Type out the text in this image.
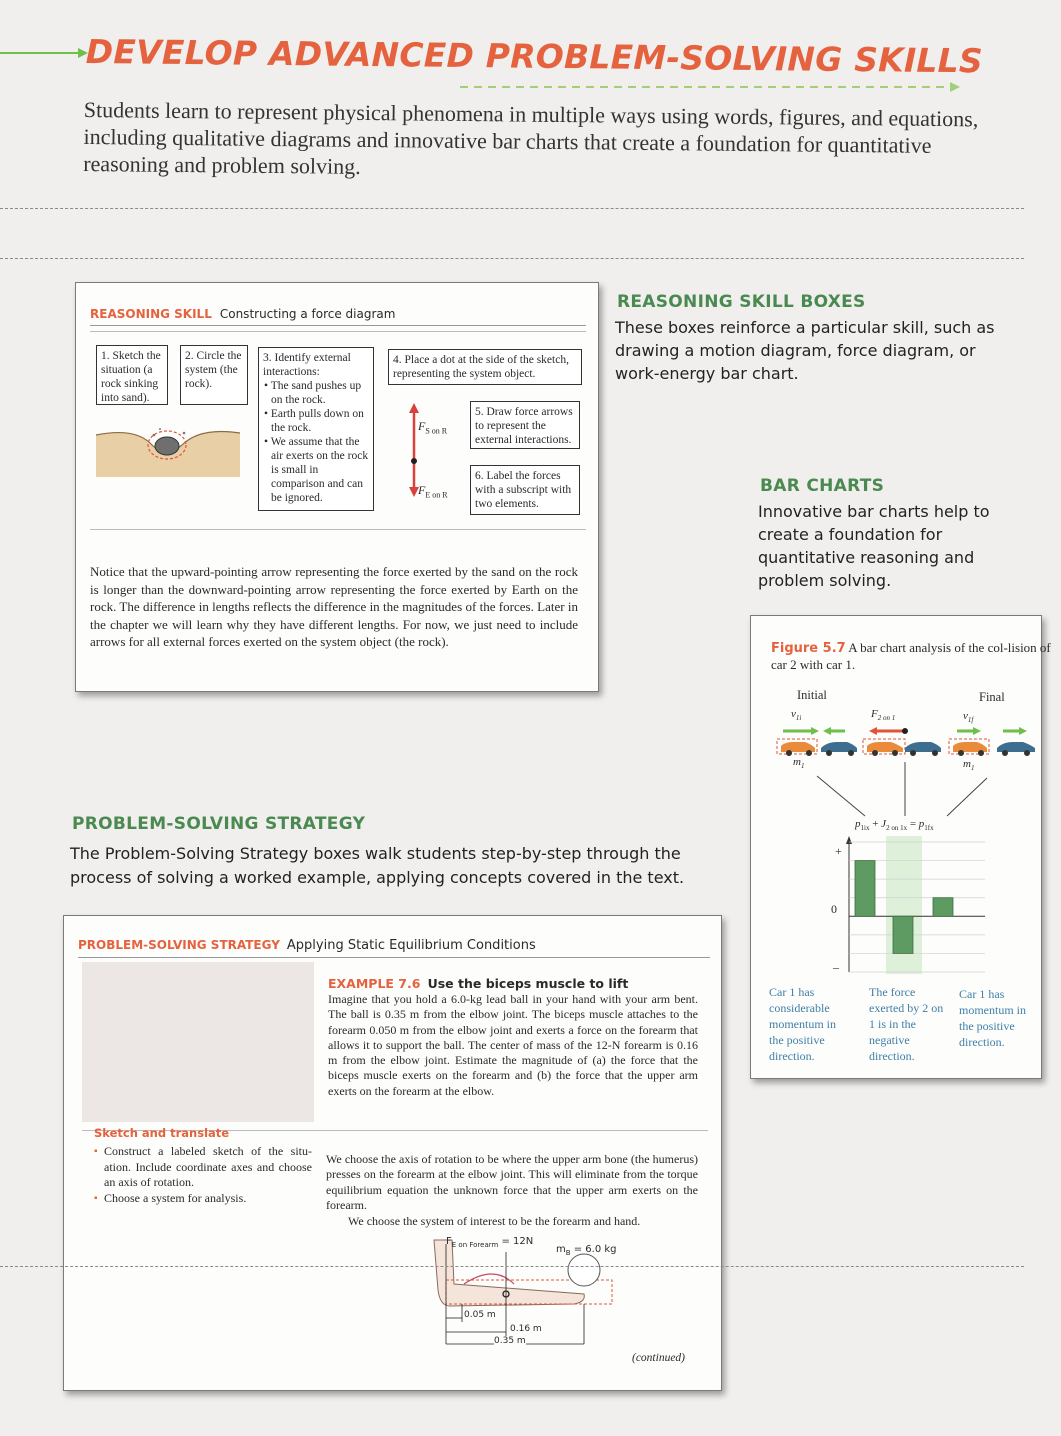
DEVELOP ADVANCED PROBLEM-SOLVING SKILLS

Students learn to represent physical phenomena in multiple ways using words, figures, and equations, including qualitative diagrams and innovative bar charts that create a foundation for quantitative reasoning and problem solving.

REASONING SKILL Constructing a force diagram
1. Sketch the situation (a rock sinking into sand).
2. Circle the system (the rock).
3. Identify external interactions:
• The sand pushes up on the rock.
• Earth pulls down on the rock.
• We assume that the air exerts on the rock is small in comparison and can be ignored.
4. Place a dot at the side of the sketch, representing the system object.
5. Draw force arrows to represent the external interactions.
6. Label the forces with a subscript with two elements.
$F_{S on R}$
$F_{E on R}$

Notice that the upward-pointing arrow representing the force exerted by the sand on the rock is longer than the downward-pointing arrow representing the force exerted by Earth on the rock. The difference in lengths reflects the difference in the magnitudes of the forces. Later in the chapter we will learn why they have different lengths. For now, we just need to include arrows for all external forces exerted on the system object (the rock).

REASONING SKILL BOXES

These boxes reinforce a particular skill, such as drawing a motion diagram, force diagram, or work-energy bar chart.

BAR CHARTS

Innovative bar charts help to create a foundation for quantitative reasoning and problem solving.

Figure 5.7 A bar chart analysis of the col-lision of car 2 with car 1.
Initial	Final
$v_{1i}$	$F_{2 on 1}$	$v_{1f}$
$m_1$	$m_1$
$p_{1ix} + J_{2 on 1x} = p_{1fx}$
+
0
–
Car 1 has considerable momentum in the positive direction.
The force exerted by 2 on 1 is in the negative direction.
Car 1 has momentum in the positive direction.
PROBLEM-SOLVING STRATEGY

The Problem-Solving Strategy boxes walk students step-by-step through the process of solving a worked example, applying concepts covered in the text.

PROBLEM-SOLVING STRATEGY Applying Static Equilibrium Conditions
EXAMPLE 7.6 Use the biceps muscle to lift

Imagine that you hold a 6.0-kg lead ball in your hand with your arm bent. The ball is 0.35 m from the elbow joint. The biceps muscle attaches to the forearm 0.050 m from the elbow joint and exerts a force on the forearm that allows it to support the ball. The center of mass of the 12-N forearm is 0.16 m from the elbow joint. Estimate the magnitude of (a) the force that the biceps muscle exerts on the forearm and (b) the force that the upper arm exerts on the forearm at the elbow.

Sketch and translate
▪ Construct a labeled sketch of the situ-ation. Include coordinate axes and choose an axis of rotation.
▪ Choose a system for analysis.

We choose the axis of rotation to be where the upper arm bone (the humerus) presses on the forearm at the elbow joint. This will eliminate from the torque equilibrium equation the unknown force that the upper arm exerts on the forearm.

We choose the system of interest to be the forearm and hand.

$F_{E on Forearm} = 12N$
$m_B = 6.0$ kg
0.05 m
0.16 m
0.35 m
(continued)
